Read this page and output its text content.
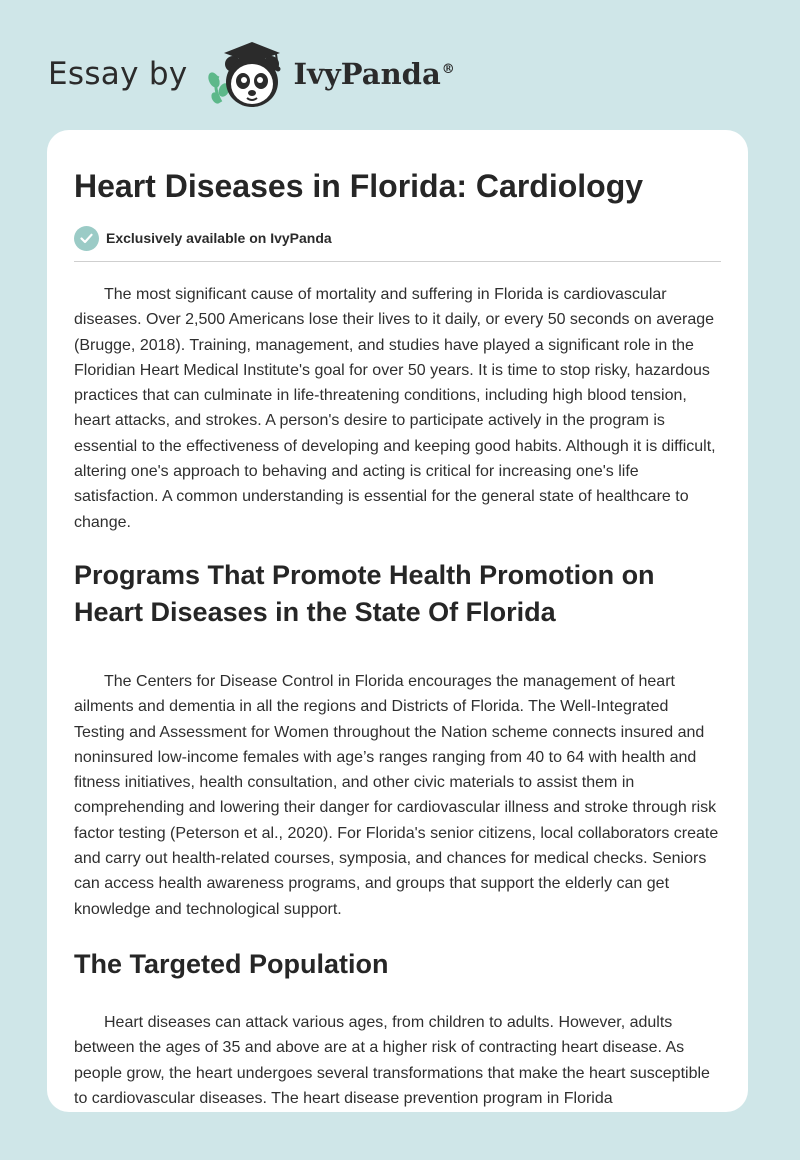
Essay by	IvyPanda®
Heart Diseases in Florida: Cardiology
Exclusively available on IvyPanda

The most significant cause of mortality and suffering in Florida is cardiovascular diseases. Over 2,500 Americans lose their lives to it daily, or every 50 seconds on average (Brugge, 2018). Training, management, and studies have played a significant role in the Floridian Heart Medical Institute's goal for over 50 years. It is time to stop risky, hazardous practices that can culminate in life-threatening conditions, including high blood tension, heart attacks, and strokes. A person's desire to participate actively in the program is essential to the effectiveness of developing and keeping good habits. Although it is difficult, altering one's approach to behaving and acting is critical for increasing one's life satisfaction. A common understanding is essential for the general state of healthcare to change.

Programs That Promote Health Promotion on Heart Diseases in the State Of Florida

The Centers for Disease Control in Florida encourages the management of heart ailments and dementia in all the regions and Districts of Florida. The Well-Integrated Testing and Assessment for Women throughout the Nation scheme connects insured and noninsured low-income females with age’s ranges ranging from 40 to 64 with health and fitness initiatives, health consultation, and other civic materials to assist them in comprehending and lowering their danger for cardiovascular illness and stroke through risk factor testing (Peterson et al., 2020). For Florida's senior citizens, local collaborators create and carry out health-related courses, symposia, and chances for medical checks. Seniors can access health awareness programs, and groups that support the elderly can get knowledge and technological support.

The Targeted Population

Heart diseases can attack various ages, from children to adults. However, adults between the ages of 35 and above are at a higher risk of contracting heart disease. As people grow, the heart undergoes several transformations that make the heart susceptible to cardiovascular diseases. The heart disease prevention program in Florida
